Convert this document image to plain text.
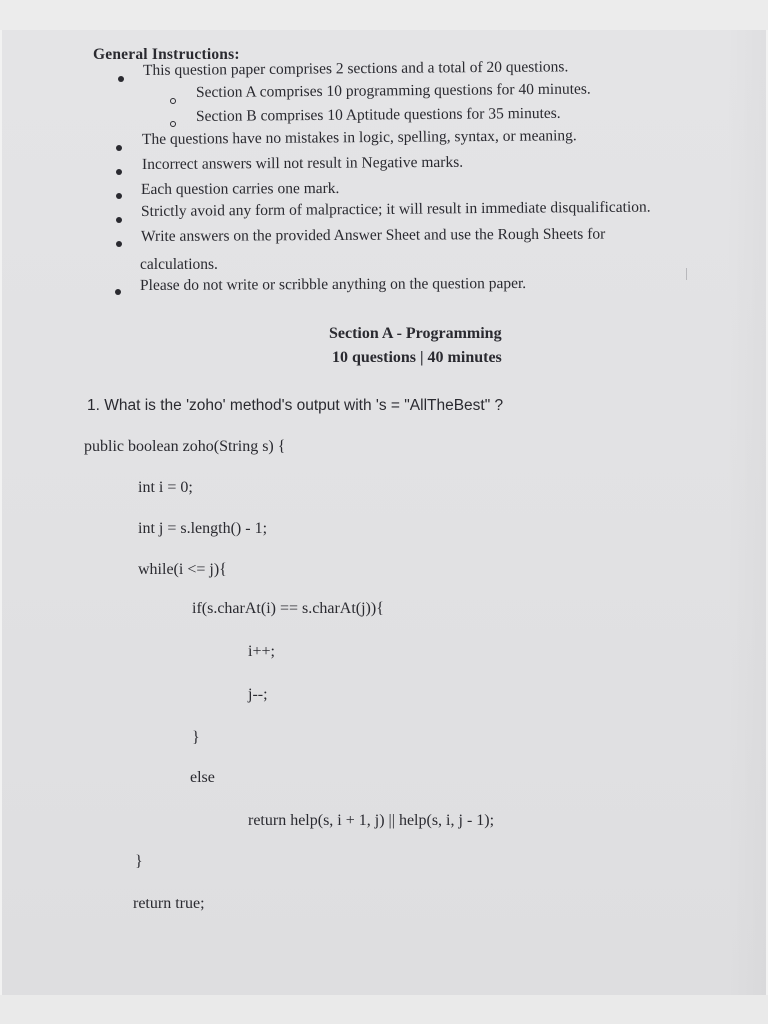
General Instructions:
This question paper comprises 2 sections and a total of 20 questions.
Section A comprises 10 programming questions for 40 minutes.
Section B comprises 10 Aptitude questions for 35 minutes.
The questions have no mistakes in logic, spelling, syntax, or meaning.
Incorrect answers will not result in Negative marks.
Each question carries one mark.
Strictly avoid any form of malpractice; it will result in immediate disqualification.
Write answers on the provided Answer Sheet and use the Rough Sheets for
calculations.
Please do not write or scribble anything on the question paper.
Section A - Programming
10 questions | 40 minutes
1. What is the 'zoho' method's output with 's = "AllTheBest" ?
public boolean zoho(String s) {
int i = 0;
int j = s.length() - 1;
while(i <= j){
if(s.charAt(i) == s.charAt(j)){
i++;
j--;
}
else
return help(s, i + 1, j) || help(s, i, j - 1);
}
return true;
